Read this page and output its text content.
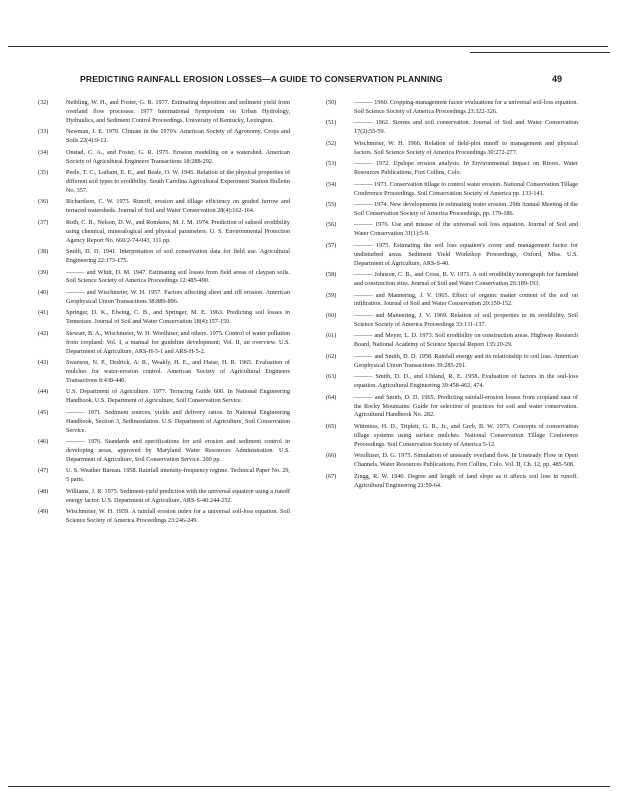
PREDICTING RAINFALL EROSION LOSSES—A GUIDE TO CONSERVATION PLANNING	49
(32)	Neibling, W. H., and Foster, G. R. 1977. Estimating deposition and sediment yield from overland flow processes. 1977 International Symposium on Urban Hydrology, Hydraulics, and Sediment Control Proceedings, University of Kentucky, Lexington.
(33)	Newman, J. E. 1970. Climate in the 1970's. American Society of Agronomy, Crops and Soils 22(4):9-12.
(34)	Onstad, C. A., and Foster, G. R. 1975. Erosion modeling on a watershed. American Society of Agricultural Engineers Transactions 18:288-292.
(35)	Peele, T. C., Latham, E. E., and Beale, O. W. 1945. Relation of the physical properties of different soil types to erodibility. South Carolina Agricultural Experiment Station Bulletin No. 357.
(36)	Richardson, C. W. 1973. Runoff, erosion and tillage efficiency on graded furrow and terraced watersheds. Journal of Soil and Water Conservation 28(4):162-164.
(37)	Roth, C. B., Nelson, D. W., and Romkens, M. J. M. 1974. Prediction of subsoil erodibility using chemical, mineralogical and physical parameters. U. S. Environmental Protection Agency Report No. 660/2-74-043, 111 pp.
(38)	Smith, D. D. 1941. Interpretation of soil conservation data for field use. Agricultural Engineering 22:173-175.
(39)	——— and Whitt, D. M. 1947. Estimating soil losses from field areas of claypan soils. Soil Science Society of America Proceedings 12:485-490.
(40)	——— and Wischmeier, W. H. 1957. Factors affecting sheet and rill erosion. American Geophysical Union Transactions 38:889-896.
(41)	Springer, D. K., Elwing, C. B., and Springer, M. E. 1963. Predicting soil losses in Tennessee. Journal of Soil and Water Conservation 18(4):157-159.
(42)	Stewart, B. A., Wischmeier, W. H. Woolhiser, and others. 1975. Control of water pollution from cropland: Vol. I, a manual for guideline development; Vol. II, an overview. U.S. Department of Agriculture, ARS-H-5-1 and ARS-H-5-2.
(43)	Swanson, N. P., Dedrick, A. R., Weakly, H. E., and Haise, H. R. 1965. Evaluation of mulches for water-erosion control. American Society of Agricultural Engineers Transactions 8:438-440.
(44)	U.S. Department of Agriculture. 1977. Terracing Guide 600. In National Engineering Handbook. U.S. Department of Agriculture, Soil Conservation Service.
(45)	——— 1971. Sediment sources, yields and delivery ratios. In National Engineering Handbook, Section 3, Sedimentation. U.S. Department of Agriculture, Soil Conservation Service.
(46)	——— 1976. Standards and specifications for soil erosion and sediment control in developing areas, approved by Maryland Water Resources Administration. U.S. Department of Agriculture, Soil Conservation Service. 200 pp.
(47)	U. S. Weather Bureau. 1958. Rainfall intensity-frequency regime. Technical Paper No. 29, 5 parts.
(48)	Williams, J. R. 1975. Sediment-yield prediction with the universal equation using a runoff energy factor. U.S. Department of Agriculture, ARS-S-40:244-252.
(49)	Wischmeier, W. H. 1959. A rainfall erosion index for a universal soil-loss equation. Soil Science Society of America Proceedings 23:246-249.
(50)	——— 1960. Cropping-management factor evaluations for a universal soil-loss equation. Soil Science Society of America Proceedings 23:322-326.
(51)	——— 1962. Storms and soil conservation. Journal of Soil and Water Conservation 17(2):55-59.
(52)	Wischmeier, W. H. 1966. Relation of field-plot runoff to management and physical factors. Soil Science Society of America Proceedings 30:272-277.
(53)	——— 1972. Upslope erosion analysis. In Environmental Impact on Rivers. Water Resources Publications, Fort Collins, Colo.
(54)	——— 1973. Conservation tillage to control water erosion. National Conservation Tillage Conference Proceedings. Soil Conservation Society of America pp. 133-141.
(55)	——— 1974. New developments in estimating water erosion. 29th Annual Meeting of the Soil Conservation Society of America Proceedings, pp. 179-186.
(56)	——— 1976. Use and misuse of the universal soil loss equation. Journal of Soil and Water Conservation 31(1):5-9.
(57)	——— 1975. Estimating the soil loss equation's cover and management factor for undisturbed areas. Sediment Yield Workshop Proceedings, Oxford, Miss. U.S. Department of Agriculture, ARS-S-40.
(58)	——— Johnson, C. B., and Cross, B. V. 1971. A soil erodibility nomograph for farmland and construction sites. Journal of Soil and Water Conservation 26:189-193.
(59)	——— and Mannering, J. V. 1965. Effect of organic matter content of the soil on infiltration. Journal of Soil and Water Conservation 20:150-152.
(60)	——— and Mannering, J. V. 1969. Relation of soil properties to its erodibility. Soil Science Society of America Proceedings 33:131-137.
(61)	——— and Meyer, L. D. 1973. Soil erodibility on construction areas. Highway Research Board, National Academy of Science Special Report 135:20-29.
(62)	——— and Smith, D. D. 1958. Rainfall energy and its relationship to soil loss. American Geophysical Union Transactions 39:285-291.
(63)	——— Smith, D. D., and Uhland, R. E. 1958. Evaluation of factors in the soil-loss equation. Agricultural Engineering 39:458-462, 474.
(64)	——— and Smith, D. D. 1965. Predicting rainfall-erosion losses from cropland east of the Rocky Mountains: Guide for selection of practices for soil and water conservation. Agricultural Handbook No. 282.
(65)	Wittmuss, H. D., Triplett, G. B., Jr., and Greb, B. W. 1973. Concepts of conservation tillage systems using surface mulches. National Conservation Tillage Conference Proceedings. Soil Conservation Society of America 5-12.
(66)	Woolhiser, D. G. 1975. Simulation of unsteady overland flow. In Unsteady Flow in Open Channels. Water Resources Publications, Fort Collins, Colo. Vol. II, Ch. 12, pp. 485-508.
(67)	Zingg, R. W. 1940. Degree and length of land slope as it affects soil loss in runoff. Agricultural Engineering 21:59-64.
